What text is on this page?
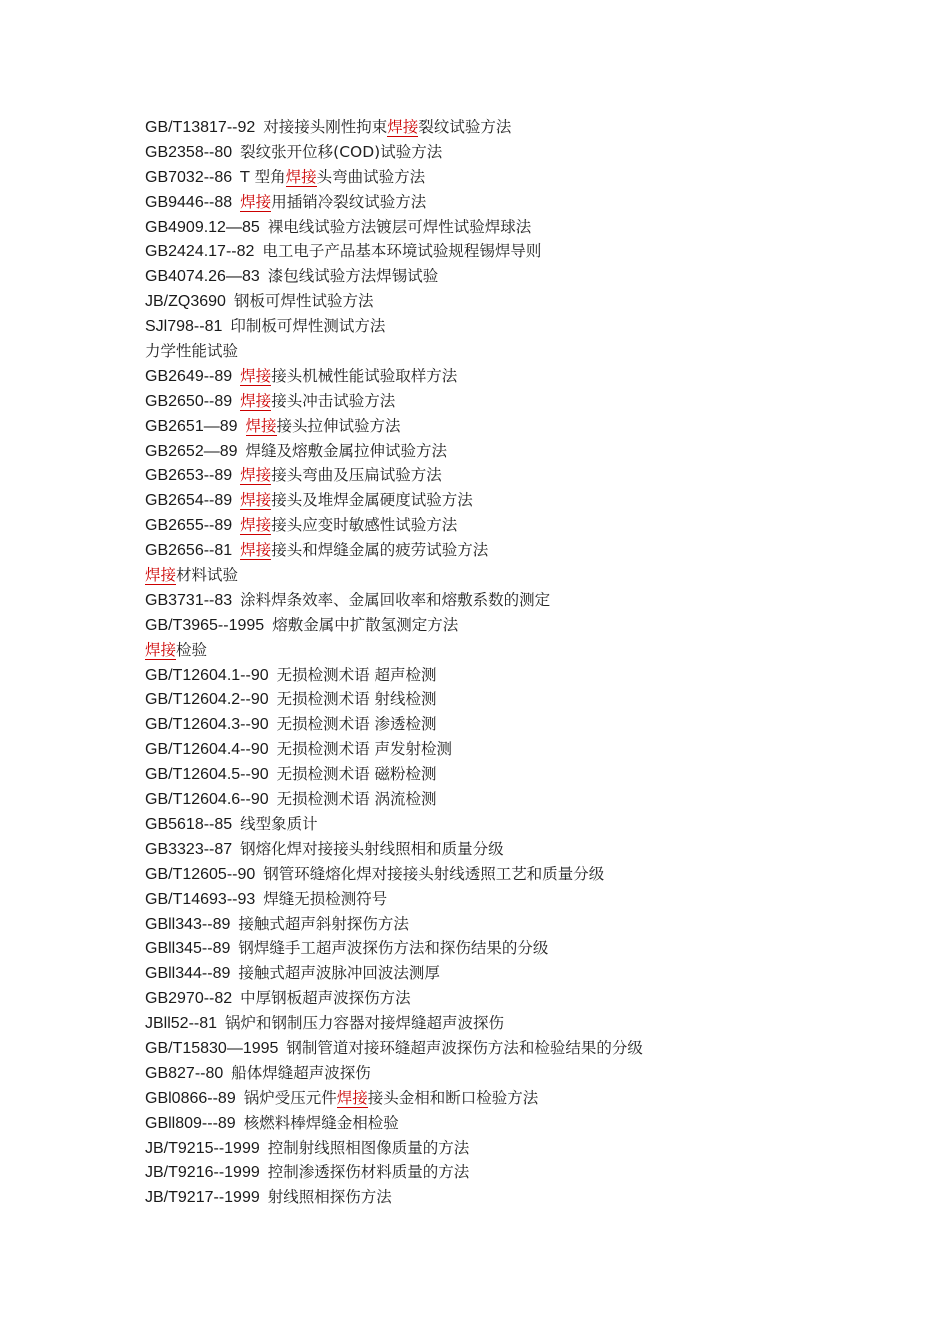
GB/T13817--92 对接接头刚性拘束焊接裂纹试验方法
GB2358--80 裂纹张开位移(COD)试验方法
GB7032--86 T 型角焊接头弯曲试验方法
GB9446--88 焊接用插销冷裂纹试验方法
GB4909.12—85 裸电线试验方法镀层可焊性试验焊球法
GB2424.17--82 电工电子产品基本环境试验规程锡焊导则
GB4074.26—83 漆包线试验方法焊锡试验
JB/ZQ3690 钢板可焊性试验方法
SJl798--81 印制板可焊性测试方法
力学性能试验
GB2649--89 焊接接头机械性能试验取样方法
GB2650--89 焊接接头冲击试验方法
GB2651—89 焊接接头拉伸试验方法
GB2652—89 焊缝及熔敷金属拉伸试验方法
GB2653--89 焊接接头弯曲及压扁试验方法
GB2654--89 焊接接头及堆焊金属硬度试验方法
GB2655--89 焊接接头应变时敏感性试验方法
GB2656--81 焊接接头和焊缝金属的疲劳试验方法
焊接材料试验
GB3731--83 涂料焊条效率、金属回收率和熔敷系数的测定
GB/T3965--1995 熔敷金属中扩散氢测定方法
焊接检验
GB/T12604.1--90 无损检测术语 超声检测
GB/T12604.2--90 无损检测术语 射线检测
GB/T12604.3--90 无损检测术语 渗透检测
GB/T12604.4--90 无损检测术语 声发射检测
GB/T12604.5--90 无损检测术语 磁粉检测
GB/T12604.6--90 无损检测术语 涡流检测
GB5618--85 线型象质计
GB3323--87 钢熔化焊对接接头射线照相和质量分级
GB/T12605--90 钢管环缝熔化焊对接接头射线透照工艺和质量分级
GB/T14693--93 焊缝无损检测符号
GBll343--89 接触式超声斜射探伤方法
GBll345--89 钢焊缝手工超声波探伤方法和探伤结果的分级
GBll344--89 接触式超声波脉冲回波法测厚
GB2970--82 中厚钢板超声波探伤方法
JBll52--81 锅炉和钢制压力容器对接焊缝超声波探伤
GB/T15830—1995 钢制管道对接环缝超声波探伤方法和检验结果的分级
GB827--80 船体焊缝超声波探伤
GBl0866--89 锅炉受压元件焊接接头金相和断口检验方法
GBll809---89 核燃料棒焊缝金相检验
JB/T9215--1999 控制射线照相图像质量的方法
JB/T9216--1999 控制渗透探伤材料质量的方法
JB/T9217--1999 射线照相探伤方法
